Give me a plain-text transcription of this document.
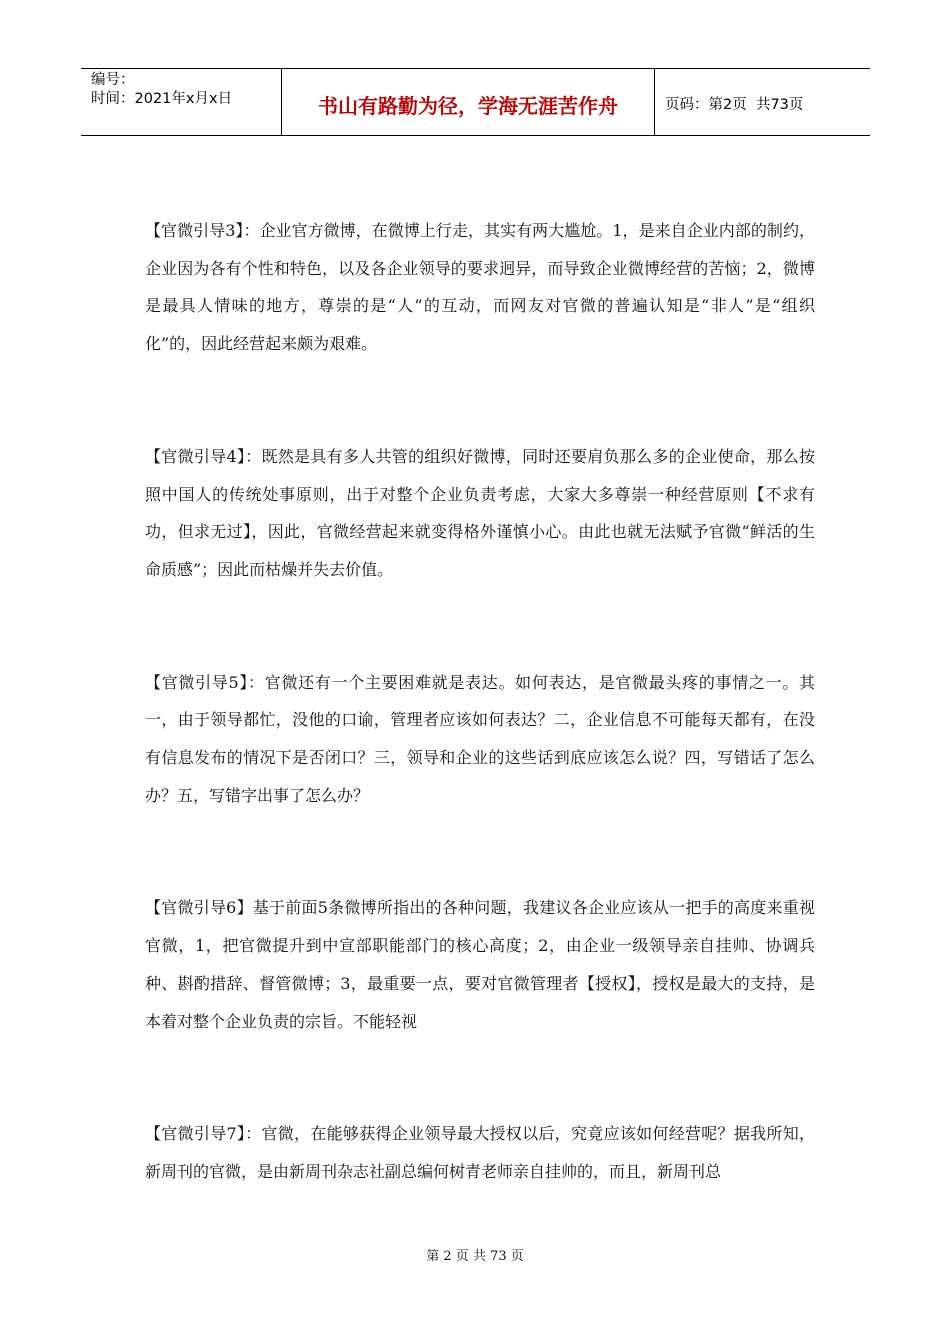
编号：
时间：2021年x月x日	书山有路勤为径，学海无涯苦作舟	页码：第2页  共73页

【官微引导3】：企业官方微博，在微博上行走，其实有两大尴尬。1，是来自企业内部的制约，企业因为各有个性和特色，以及各企业领导的要求迥异，而导致企业微博经营的苦恼；2，微博是最具人情味的地方，尊崇的是“人”的互动，而网友对官微的普遍认知是“非人”是“组织化”的，因此经营起来颇为艰难。

【官微引导4】：既然是具有多人共管的组织好微博，同时还要肩负那么多的企业使命，那么按照中国人的传统处事原则，出于对整个企业负责考虑，大家大多尊崇一种经营原则【不求有功，但求无过】，因此，官微经营起来就变得格外谨慎小心。由此也就无法赋予官微“鲜活的生命质感”；因此而枯燥并失去价值。

【官微引导5】：官微还有一个主要困难就是表达。如何表达，是官微最头疼的事情之一。其一，由于领导都忙，没他的口谕，管理者应该如何表达？二，企业信息不可能每天都有，在没有信息发布的情况下是否闭口？三，领导和企业的这些话到底应该怎么说？四，写错话了怎么办？五，写错字出事了怎么办？

【官微引导6】基于前面5条微博所指出的各种问题，我建议各企业应该从一把手的高度来重视官微，1，把官微提升到中宣部职能部门的核心高度；2，由企业一级领导亲自挂帅、协调兵种、斟酌措辞、督管微博；3，最重要一点，要对官微管理者【授权】，授权是最大的支持，是本着对整个企业负责的宗旨。不能轻视

【官微引导7】：官微，在能够获得企业领导最大授权以后，究竟应该如何经营呢？据我所知，新周刊的官微，是由新周刊杂志社副总编何树青老师亲自挂帅的，而且，新周刊总

第 2 页 共 73 页
